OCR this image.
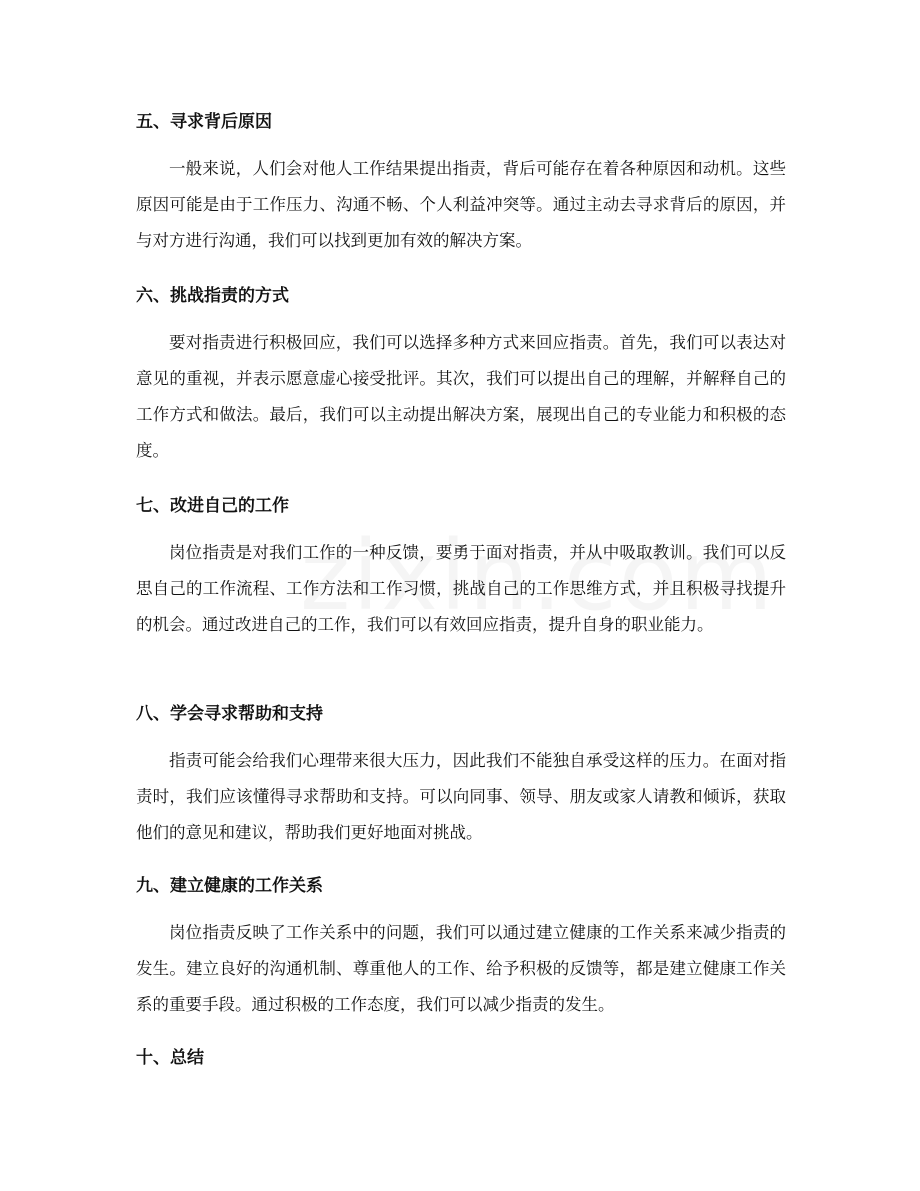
五、寻求背后原因

一般来说，人们会对他人工作结果提出指责，背后可能存在着各种原因和动机。这些原因可能是由于工作压力、沟通不畅、个人利益冲突等。通过主动去寻求背后的原因，并与对方进行沟通，我们可以找到更加有效的解决方案。

六、挑战指责的方式

要对指责进行积极回应，我们可以选择多种方式来回应指责。首先，我们可以表达对意见的重视，并表示愿意虚心接受批评。其次，我们可以提出自己的理解，并解释自己的工作方式和做法。最后，我们可以主动提出解决方案，展现出自己的专业能力和积极的态度。

七、改进自己的工作

岗位指责是对我们工作的一种反馈，要勇于面对指责，并从中吸取教训。我们可以反思自己的工作流程、工作方法和工作习惯，挑战自己的工作思维方式，并且积极寻找提升的机会。通过改进自己的工作，我们可以有效回应指责，提升自身的职业能力。

八、学会寻求帮助和支持

指责可能会给我们心理带来很大压力，因此我们不能独自承受这样的压力。在面对指责时，我们应该懂得寻求帮助和支持。可以向同事、领导、朋友或家人请教和倾诉，获取他们的意见和建议，帮助我们更好地面对挑战。

九、建立健康的工作关系

岗位指责反映了工作关系中的问题，我们可以通过建立健康的工作关系来减少指责的发生。建立良好的沟通机制、尊重他人的工作、给予积极的反馈等，都是建立健康工作关系的重要手段。通过积极的工作态度，我们可以减少指责的发生。

十、总结
